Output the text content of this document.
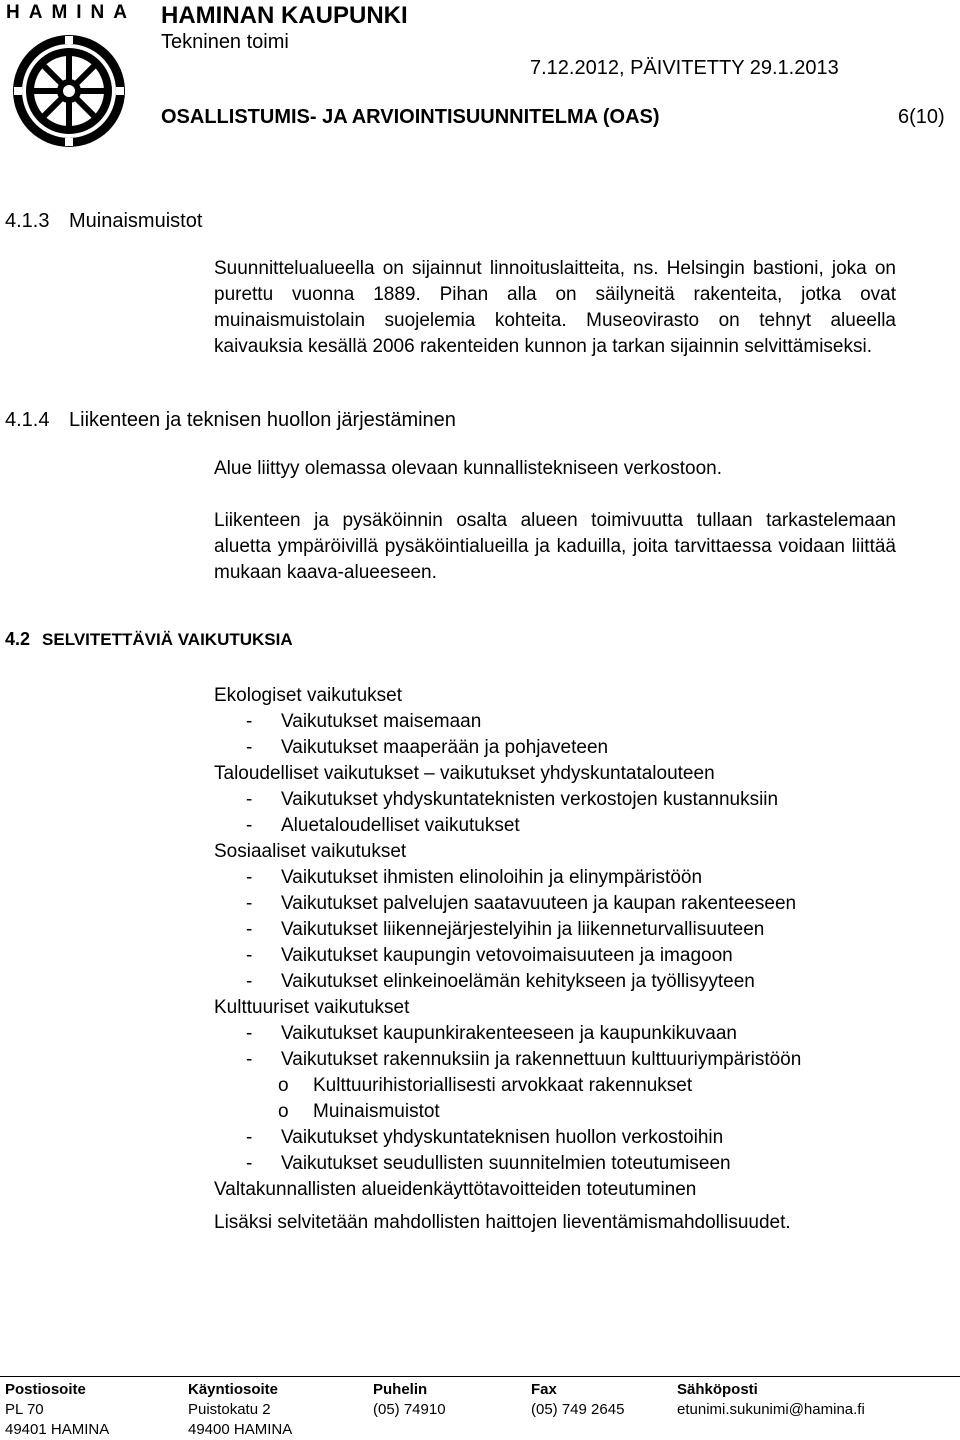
HAMINA HAMINAN KAUPUNKI
Tekninen toimi
7.12.2012, PÄIVITETTY 29.1.2013
OSALLISTUMIS- JA ARVIOINTISUUNNITELMA (OAS)	6(10)
4.1.3 Muinaismuistot

Suunnittelualueella on sijainnut linnoituslaitteita, ns. Helsingin bastioni, joka on purettu vuonna 1889. Pihan alla on säilyneitä rakenteita, jotka ovat muinaismuistolain suojelemia kohteita. Museovirasto on tehnyt alueella kaivauksia kesällä 2006 rakenteiden kunnon ja tarkan sijainnin selvittämiseksi.

4.1.4 Liikenteen ja teknisen huollon järjestäminen
Alue liittyy olemassa olevaan kunnallistekniseen verkostoon.

Liikenteen ja pysäköinnin osalta alueen toimivuutta tullaan tarkastelemaan aluetta ympäröivillä pysäköintialueilla ja kaduilla, joita tarvittaessa voidaan liittää mukaan kaava-alueeseen.

4.2 SELVITETTÄVIÄ VAIKUTUKSIA
Ekologiset vaikutukset
- Vaikutukset maisemaan
- Vaikutukset maaperään ja pohjaveteen
Taloudelliset vaikutukset – vaikutukset yhdyskuntatalouteen
- Vaikutukset yhdyskuntateknisten verkostojen kustannuksiin
- Aluetaloudelliset vaikutukset
Sosiaaliset vaikutukset
- Vaikutukset ihmisten elinoloihin ja elinympäristöön
- Vaikutukset palvelujen saatavuuteen ja kaupan rakenteeseen
- Vaikutukset liikennejärjestelyihin ja liikenneturvallisuuteen
- Vaikutukset kaupungin vetovoimaisuuteen ja imagoon
- Vaikutukset elinkeinoelämän kehitykseen ja työllisyyteen
Kulttuuriset vaikutukset
- Vaikutukset kaupunkirakenteeseen ja kaupunkikuvaan
- Vaikutukset rakennuksiin ja rakennettuun kulttuuriympäristöön
o Kulttuurihistoriallisesti arvokkaat rakennukset
o Muinaismuistot
- Vaikutukset yhdyskuntateknisen huollon verkostoihin
- Vaikutukset seudullisten suunnitelmien toteutumiseen
Valtakunnallisten alueidenkäyttötavoitteiden toteutuminen
Lisäksi selvitetään mahdollisten haittojen lieventämismahdollisuudet.
Postiosoite
PL 70
49401 HAMINA
Käyntiosoite
Puistokatu 2
49400 HAMINA
Puhelin
(05) 74910

Fax
(05) 749 2645

Sähköposti
etunimi.sukunimi@hamina.fi
